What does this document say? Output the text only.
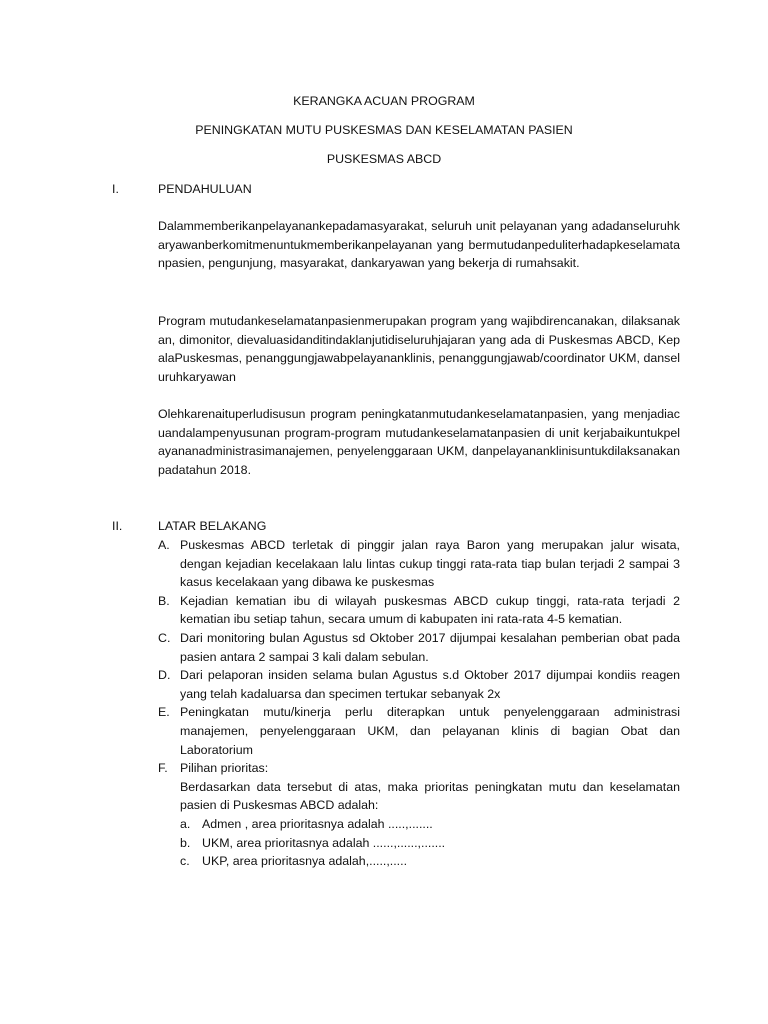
KERANGKA ACUAN PROGRAM
PENINGKATAN MUTU PUSKESMAS DAN KESELAMATAN PASIEN
PUSKESMAS ABCD
I.	PENDAHULUAN
Dalammemberikanpelayanankepadamasyarakat, seluruh unit pelayanan yang adadanseluruhkaryawanberkomitmenuntukmemberikanpelayanan yang bermutudanpeduliterhadapkeselamatanpasien, pengunjung, masyarakat, dankaryawan yang bekerja di rumahsakit.
Program mutudankeselamatanpasienmerupakan program yang wajibdirencanakan, dilaksanakan, dimonitor, dievaluasidanditindaklanjutidiseluruhjajaran yang ada di Puskesmas ABCD, KepalaPuskesmas, penanggungjawabpelayananklinis, penanggungjawab/coordinator UKM, danseluruhkaryawan
Olehkarenaituperludisusun program peningkatanmutudankeselamatanpasien, yang menjadiacuandalampenyusunan program-program mutudankeselamatanpasien di unit kerjabaikuntukpelayananadministrasimanajemen, penyelenggaraan UKM, danpelayananklinisuntukdilaksanakanpadatahun 2018.
II.	LATAR BELAKANG
A. Puskesmas ABCD terletak di pinggir jalan raya Baron yang merupakan jalur wisata, dengan kejadian kecelakaan lalu lintas cukup tinggi rata-rata tiap bulan terjadi 2 sampai 3 kasus kecelakaan yang dibawa ke puskesmas
B. Kejadian kematian ibu di wilayah puskesmas ABCD cukup tinggi, rata-rata terjadi 2 kematian ibu setiap tahun, secara umum di kabupaten ini rata-rata 4-5 kematian.
C. Dari monitoring bulan Agustus sd Oktober 2017 dijumpai kesalahan pemberian obat pada pasien antara 2 sampai 3 kali dalam sebulan.
D. Dari pelaporan insiden selama bulan Agustus s.d Oktober 2017 dijumpai kondiis reagen yang telah kadaluarsa dan specimen tertukar sebanyak 2x
E. Peningkatan mutu/kinerja perlu diterapkan untuk penyelenggaraan administrasi manajemen, penyelenggaraan UKM, dan pelayanan klinis di bagian Obat dan Laboratorium
F. Pilihan prioritas:
Berdasarkan data tersebut di atas, maka prioritas peningkatan mutu dan keselamatan pasien di Puskesmas ABCD adalah:
a. Admen , area prioritasnya adalah .....,.......
b. UKM, area prioritasnya adalah ......,......,.......
c. UKP, area prioritasnya adalah,.....,.....
